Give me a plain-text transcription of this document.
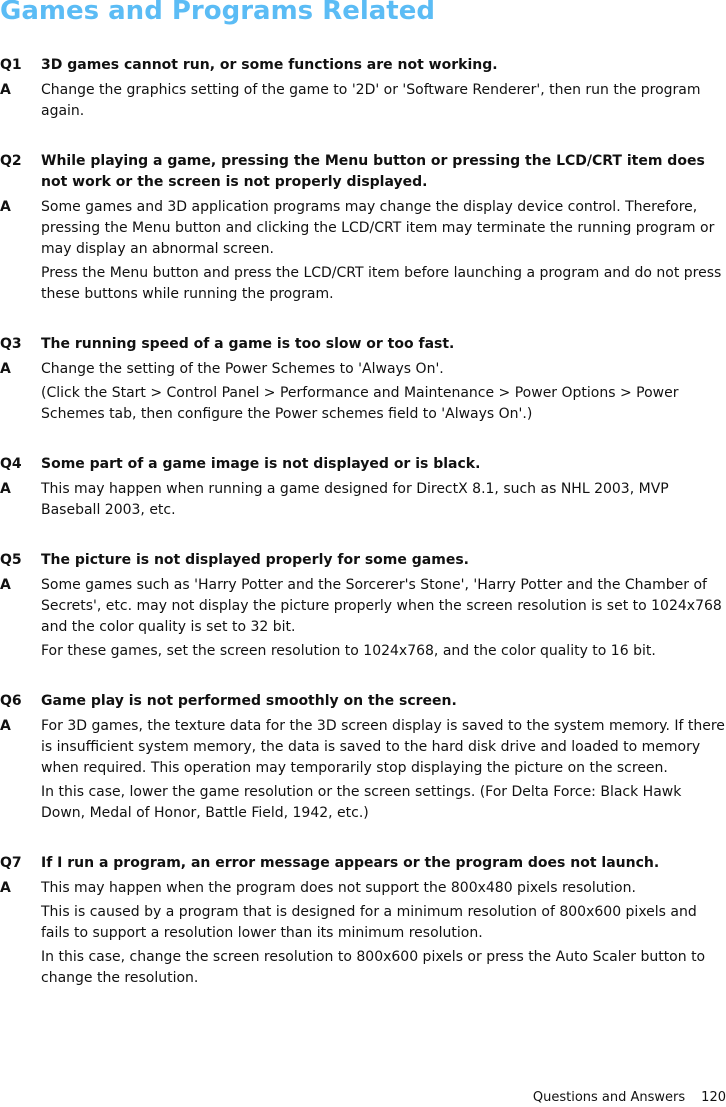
Games and Programs Related
Q1	3D games cannot run, or some functions are not working.
A	Change the graphics setting of the game to '2D' or 'Software Renderer', then run the program again.

Q2	While playing a game, pressing the Menu button or pressing the LCD/CRT item does not work or the screen is not properly displayed.
A	Some games and 3D application programs may change the display device control. Therefore, pressing the Menu button and clicking the LCD/CRT item may terminate the running program or may display an abnormal screen.

Press the Menu button and press the LCD/CRT item before launching a program and do not press these buttons while running the program.

Q3	The running speed of a game is too slow or too fast.
A	Change the setting of the Power Schemes to 'Always On'.

(Click the Start > Control Panel > Performance and Maintenance > Power Options > Power Schemes tab, then configure the Power schemes field to 'Always On'.)

Q4	Some part of a game image is not displayed or is black.
A	This may happen when running a game designed for DirectX 8.1, such as NHL 2003, MVP Baseball 2003, etc.

Q5	The picture is not displayed properly for some games.
A	Some games such as 'Harry Potter and the Sorcerer's Stone', 'Harry Potter and the Chamber of Secrets', etc. may not display the picture properly when the screen resolution is set to 1024x768 and the color quality is set to 32 bit.

For these games, set the screen resolution to 1024x768, and the color quality to 16 bit.

Q6	Game play is not performed smoothly on the screen.
A	For 3D games, the texture data for the 3D screen display is saved to the system memory. If there is insufficient system memory, the data is saved to the hard disk drive and loaded to memory when required. This operation may temporarily stop displaying the picture on the screen.

In this case, lower the game resolution or the screen settings. (For Delta Force: Black Hawk Down, Medal of Honor, Battle Field, 1942, etc.)

Q7	If I run a program, an error message appears or the program does not launch.
A	This may happen when the program does not support the 800x480 pixels resolution.

This is caused by a program that is designed for a minimum resolution of 800x600 pixels and fails to support a resolution lower than its minimum resolution.

In this case, change the screen resolution to 800x600 pixels or press the Auto Scaler button to change the resolution.

Questions and Answers 120
